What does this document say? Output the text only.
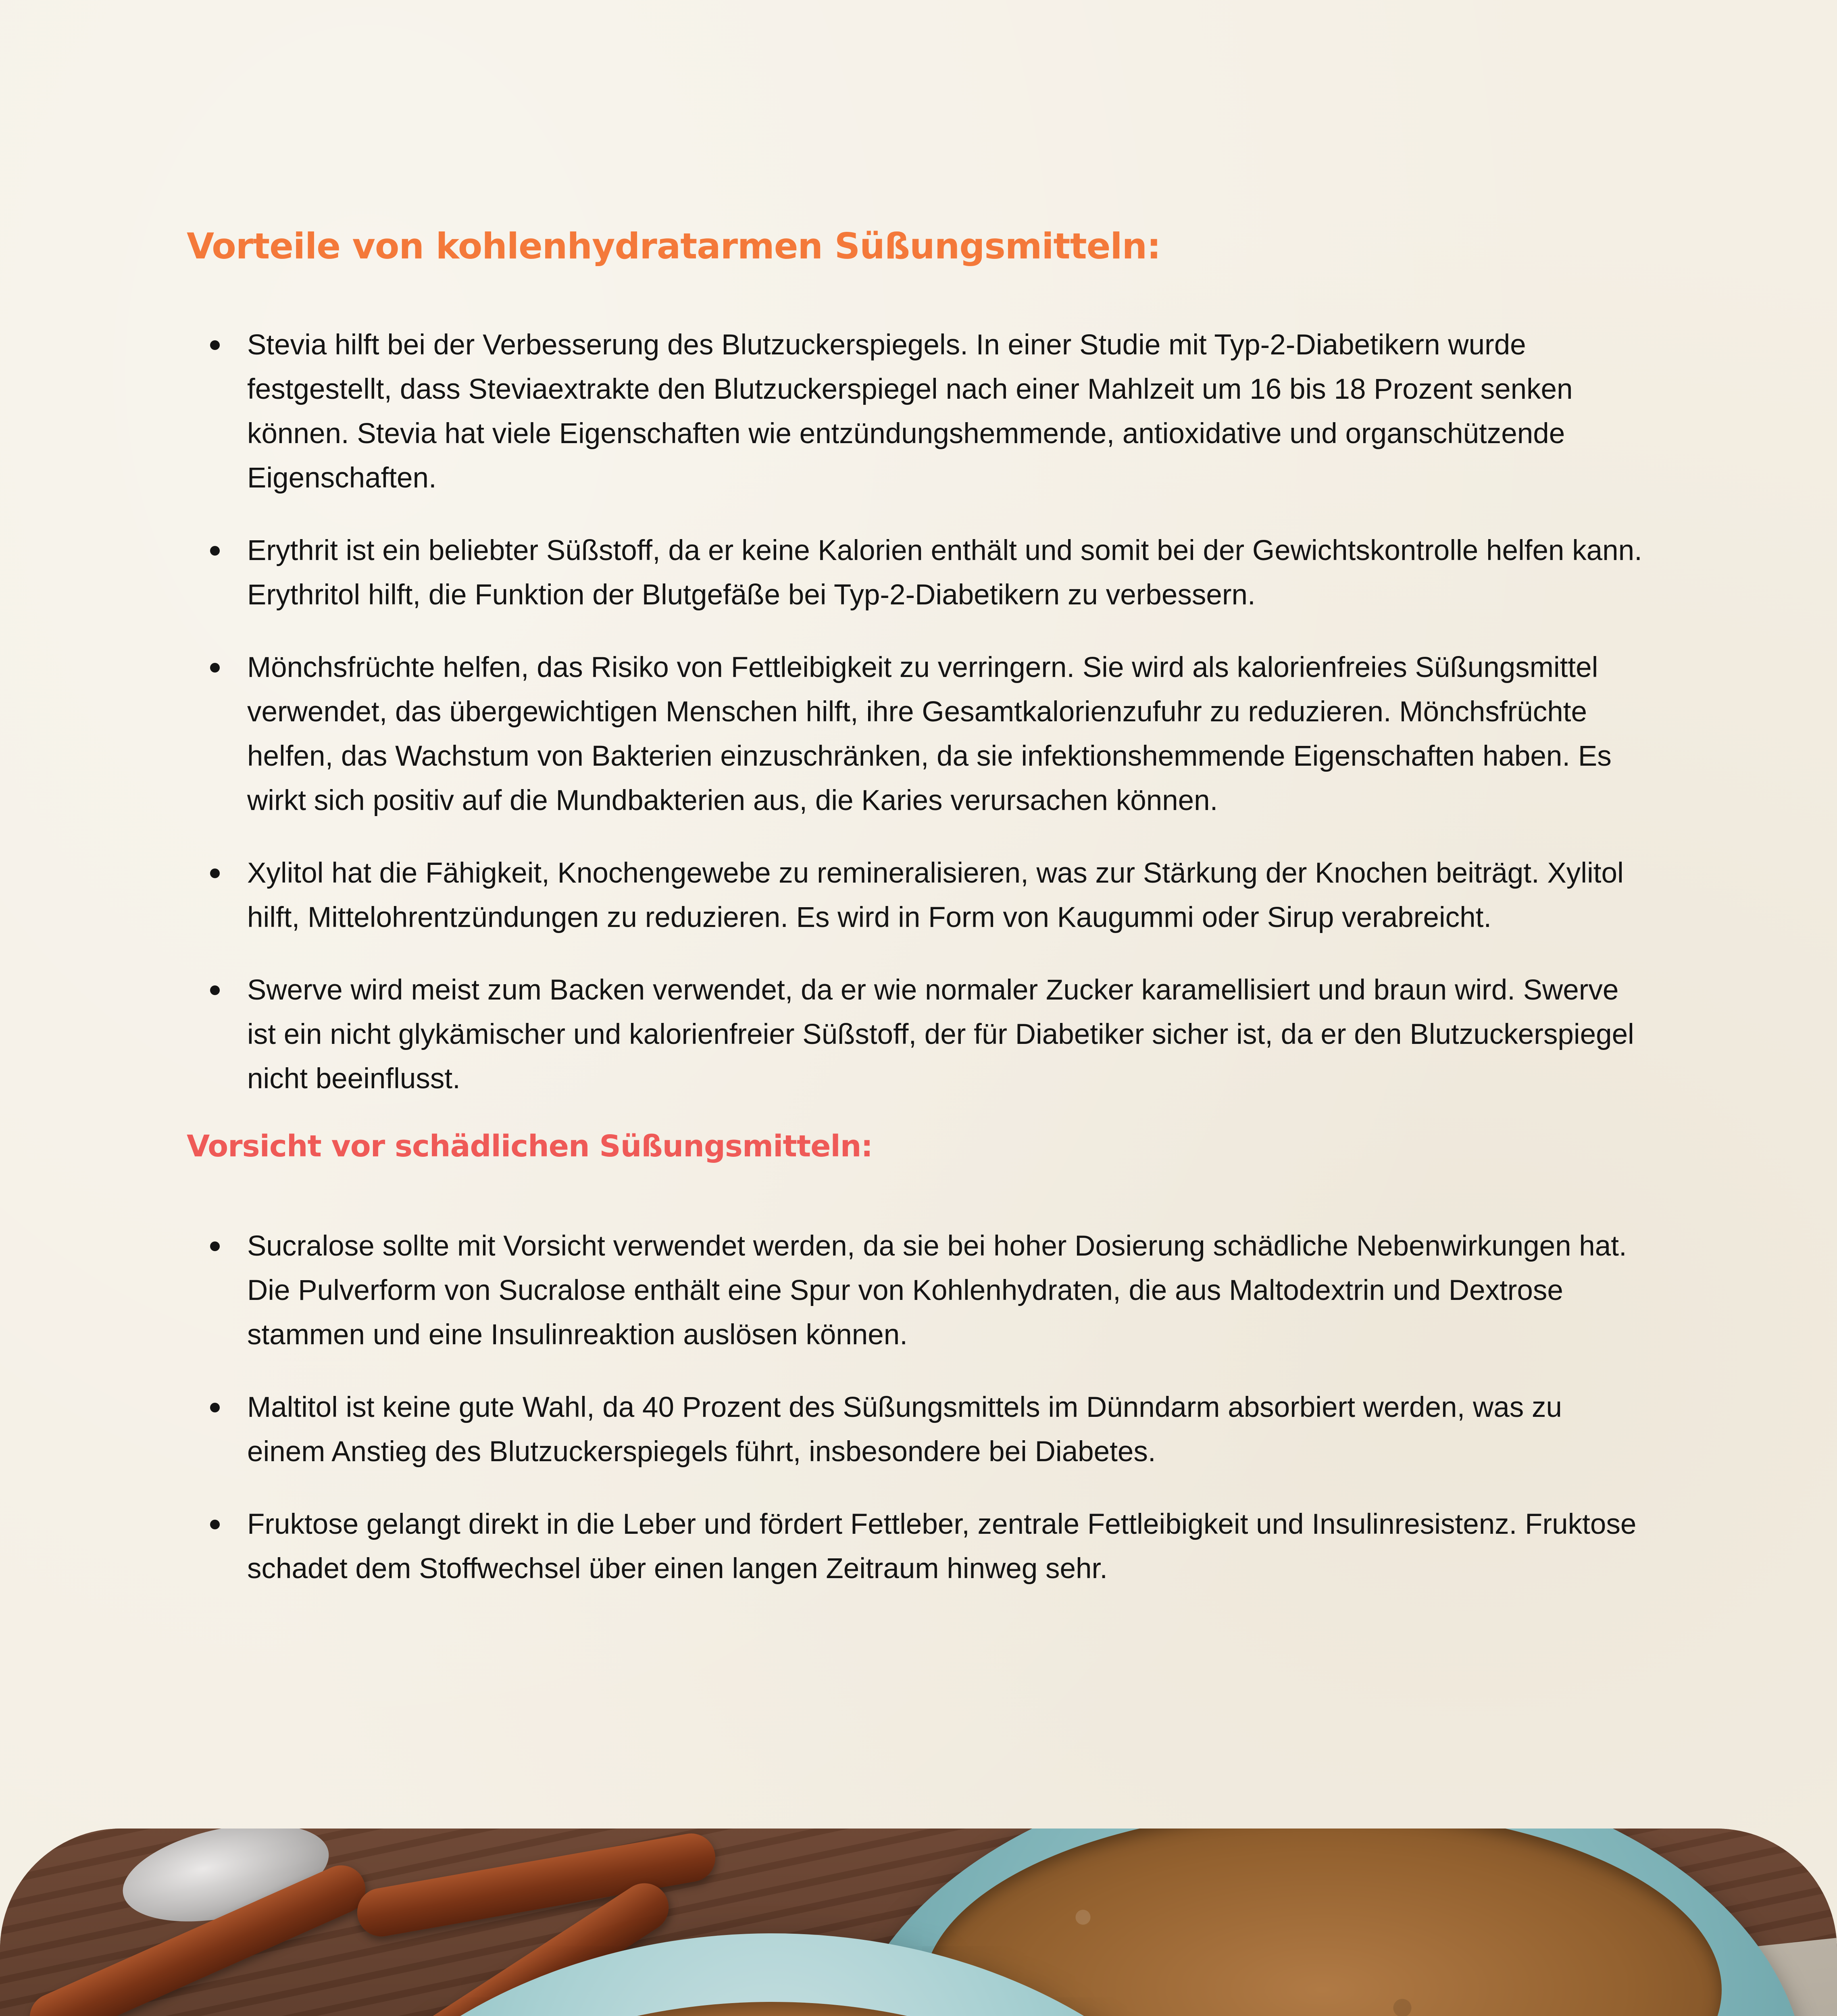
Vorteile von kohlenhydratarmen Süßungsmitteln:
Stevia hilft bei der Verbesserung des Blutzuckerspiegels. In einer Studie mit Typ-2-Diabetikern wurde festgestellt, dass Steviaextrakte den Blutzuckerspiegel nach einer Mahlzeit um 16 bis 18 Prozent senken können. Stevia hat viele Eigenschaften wie entzündungshemmende, antioxidative und organschützende Eigenschaften.
Erythrit ist ein beliebter Süßstoff, da er keine Kalorien enthält und somit bei der Gewichtskontrolle helfen kann. Erythritol hilft, die Funktion der Blutgefäße bei Typ-2-Diabetikern zu verbessern.
Mönchsfrüchte helfen, das Risiko von Fettleibigkeit zu verringern. Sie wird als kalorienfreies Süßungsmittel verwendet, das übergewichtigen Menschen hilft, ihre Gesamtkalorienzufuhr zu reduzieren. Mönchsfrüchte helfen, das Wachstum von Bakterien einzuschränken, da sie infektionshemmende Eigenschaften haben. Es wirkt sich positiv auf die Mundbakterien aus, die Karies verursachen können.
Xylitol hat die Fähigkeit, Knochengewebe zu remineralisieren, was zur Stärkung der Knochen beiträgt. Xylitol hilft, Mittelohrentzündungen zu reduzieren. Es wird in Form von Kaugummi oder Sirup verabreicht.
Swerve wird meist zum Backen verwendet, da er wie normaler Zucker karamellisiert und braun wird. Swerve ist ein nicht glykämischer und kalorienfreier Süßstoff, der für Diabetiker sicher ist, da er den Blutzuckerspiegel nicht beeinflusst.
Vorsicht vor schädlichen Süßungsmitteln:
Sucralose sollte mit Vorsicht verwendet werden, da sie bei hoher Dosierung schädliche Nebenwirkungen hat. Die Pulverform von Sucralose enthält eine Spur von Kohlenhydraten, die aus Maltodextrin und Dextrose stammen und eine Insulinreaktion auslösen können.
Maltitol ist keine gute Wahl, da 40 Prozent des Süßungsmittels im Dünndarm absorbiert werden, was zu einem Anstieg des Blutzuckerspiegels führt, insbesondere bei Diabetes.
Fruktose gelangt direkt in die Leber und fördert Fettleber, zentrale Fettleibigkeit und Insulinresistenz. Fruktose schadet dem Stoffwechsel über einen langen Zeitraum hinweg sehr.
